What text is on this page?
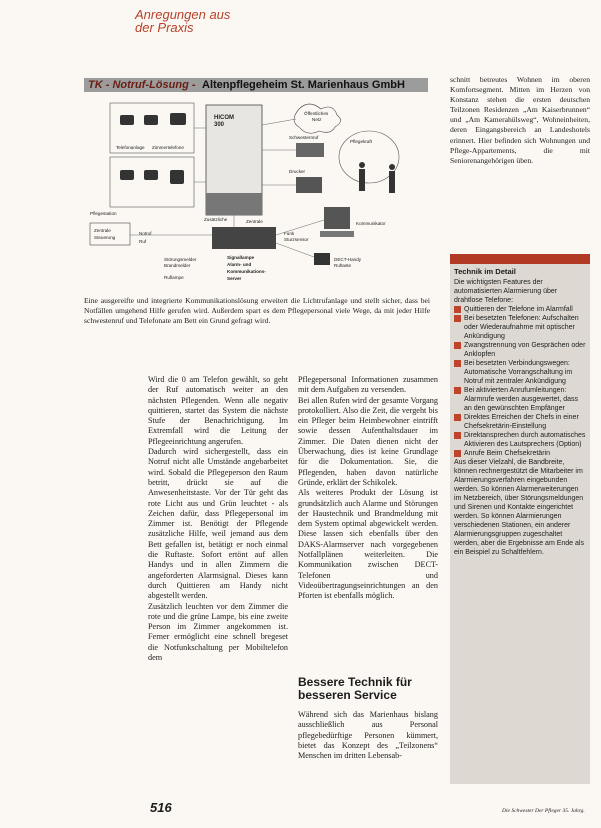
Anregungen aus
der Praxis
TK - Notruf-Lösung - Altenpflegeheim St. Marienhaus GmbH
Telefonanlage Zimmertelefone
HICOM
300
Öffentliches
Netz
Schwesternruf
Drucker
Pflegekraft
Kommunikator
Zentrale
Steuerung
Notruf
Ruf
Zentrale
Funk
Sturzsensor
Zusätzliche
Störungsmelder
Brandmelder
Ruflampe
Signallampe
Alarm- und
Kommunikations-
Server
DECT-Handy
Ruftaste
Pflegestation
Eine ausgereifte und integrierte Kommunikationslösung erweitert die Lichtrufanlage und stellt sicher, dass bei Notfällen umgehend Hilfe gerufen wird. Außerdem spart es dem Pflegepersonal viele Wege, da mit jeder Hilfe schwestenruf und Telefonate am Bett ein Grund gefragt wird.

Wird die 0 am Telefon gewählt, so geht der Ruf automatisch weiter an den nächsten Pflegenden. Wenn alle negativ quittieren, startet das System die nächste Stufe der Benachrichtigung. Im Extremfall wird die Leitung der Pflegeeinrichtung angerufen.

Dadurch wird sichergestellt, dass ein Notruf nicht alle Umstände angebarbeitet wird. Sobald die Pflegeperson den Raum betritt, drückt sie auf die Anwesenheitstaste. Vor der Tür geht das rote Licht aus und Grün leuchtet - als Zeichen dafür, dass Pflegepersonal im Zimmer ist. Benötigt der Pflegende zusätzliche Hilfe, weil jemand aus dem Bett gefallen ist, betätigt er noch einmal die Ruftaste. Sofort ertönt auf allen Handys und in allen Zimmern die angeforderten Alarmsignal. Dieses kann durch Quittieren am Handy nicht abgestellt werden.

Zusätzlich leuchten vor dem Zimmer die rote und die grüne Lampe, bis eine zweite Person im Zimmer angekommen ist. Ferner ermöglicht eine schnell bregeset die Notfunkschaltung per Mobiltelefon dem

Pflegepersonal Informationen zusammen mit dem Aufgaben zu versenden.

Bei allen Rufen wird der gesamte Vorgang protokolliert. Also die Zeit, die vergeht bis ein Pfleger beim Heimbewohner eintrifft sowie dessen Aufenthaltsdauer im Zimmer. Die Daten dienen nicht der Überwachung, dies ist keine Grundlage für die Dokumentation. Sie, die Pflegenden, haben davon natürliche Gründe, erklärt der Schikolek.

Als weiteres Produkt der Lösung ist grundsätzlich auch Alarme und Störungen der Haustechnik und Brandmeldung mit dem System optimal abgewickelt werden. Diese lassen sich ebenfalls über den DAKS-Alarmserver nach vorgegebenen Notfallplänen weiterleiten. Die Kommunikation zwischen DECT-Telefonen und Videoübertragungseinrichtungen an den Pforten ist ebenfalls möglich.

Bessere Technik für besseren Service
Während sich das Marienhaus bislang ausschließlich aus Personal pflegebedürftige Personen kümmert, bietet das Konzept des „Teilzonens“ Menschen im dritten Lebensab-
schnitt betreutes Wohnen im oberen Komfortsegment. Mitten im Herzen von Konstanz stehen die ersten deutschen Teilzonen Residenzen „Am Kaiserbrunnen“ und „Am Kamerahülsweg“, Wohneinheiten, deren Eingangsbereich an Landeshotels erinnert. Hier befinden sich Wohnungen und Pflege-Appartements, die mit Seniorenangehörigen üben.
Technik im Detail

Die wichtigsten Features der automatisierten Alarmierung über drahtlose Telefone:

Quittieren der Telefone im Alarmfall
Bei besetzten Telefonen: Aufschalten oder Wiederaufnahme mit optischer Ankündigung
Zwangstrennung von Gesprächen oder Anklopfen
Bei besetzten Verbindungswegen: Automatische Vorrangschaltung im Notruf mit zentraler Ankündigung
Bei aktivierten Anrufumleitungen: Alarmrufe werden ausgewertet, dass an den gewünschten Empfänger
Direktes Erreichen der Chefs in einer Chefsekretärin-Einstellung
Direktansprechen durch automatisches Aktivieren des Lautsprechers (Option)
Anrufe Beim Chefsekretärin

Aus dieser Vielzahl, die Bandbreite, können rechnergestützt die Mitarbeiter im Alarmierungsverfahren eingebunden werden. So können Alarmerweiterungen im Netzbereich, über Störungsmeldungen und Sirenen und Kontakte eingerichtet werden. So können Alarmierungen verschiedenen Stationen, ein anderer Alarmierungsgruppen zugeschaltet werden, aber die Ergebnisse am Ende als ein Beispiel zu Schaltfehlern.

516	Die Schwester Der Pfleger 35. Jahrg.
